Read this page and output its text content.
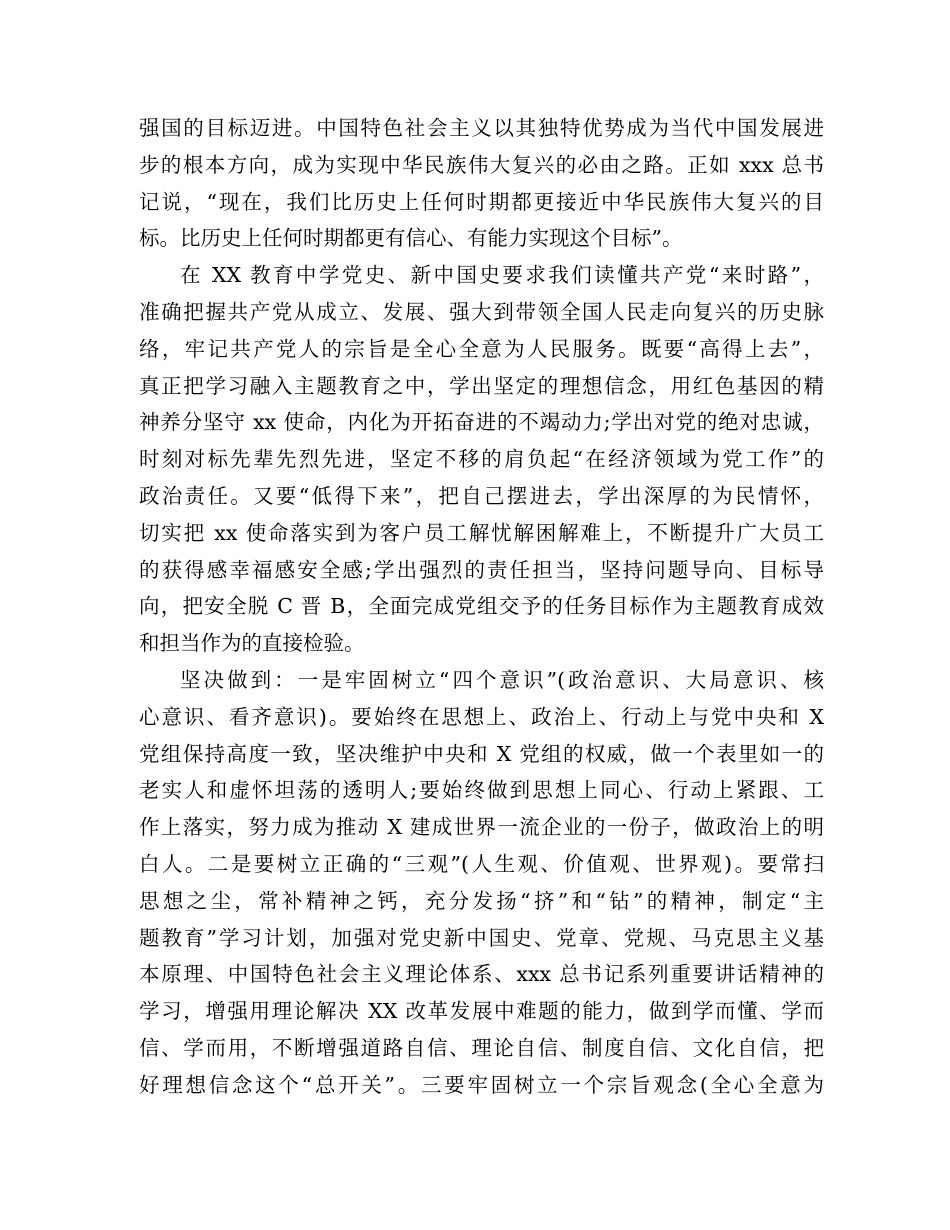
强国的目标迈进。中国特色社会主义以其独特优势成为当代中国发展进
步的根本方向，成为实现中华民族伟大复兴的必由之路。正如 xxx 总书
记说，“现在，我们比历史上任何时期都更接近中华民族伟大复兴的目
标。比历史上任何时期都更有信心、有能力实现这个目标”。
在 XX 教育中学党史、新中国史要求我们读懂共产党“来时路”，
准确把握共产党从成立、发展、强大到带领全国人民走向复兴的历史脉
络，牢记共产党人的宗旨是全心全意为人民服务。既要“高得上去”，
真正把学习融入主题教育之中，学出坚定的理想信念，用红色基因的精
神养分坚守 xx 使命，内化为开拓奋进的不竭动力;学出对党的绝对忠诚，
时刻对标先辈先烈先进，坚定不移的肩负起“在经济领域为党工作”的
政治责任。又要“低得下来”，把自己摆进去，学出深厚的为民情怀，
切实把 xx 使命落实到为客户员工解忧解困解难上，不断提升广大员工
的获得感幸福感安全感;学出强烈的责任担当，坚持问题导向、目标导
向，把安全脱 C 晋 B，全面完成党组交予的任务目标作为主题教育成效
和担当作为的直接检验。
坚决做到：一是牢固树立“四个意识”(政治意识、大局意识、核
心意识、看齐意识)。要始终在思想上、政治上、行动上与党中央和 X
党组保持高度一致，坚决维护中央和 X 党组的权威，做一个表里如一的
老实人和虚怀坦荡的透明人;要始终做到思想上同心、行动上紧跟、工
作上落实，努力成为推动 X 建成世界一流企业的一份子，做政治上的明
白人。二是要树立正确的“三观”(人生观、价值观、世界观)。要常扫
思想之尘，常补精神之钙，充分发扬“挤”和“钻”的精神，制定“主
题教育”学习计划，加强对党史新中国史、党章、党规、马克思主义基
本原理、中国特色社会主义理论体系、xxx 总书记系列重要讲话精神的
学习，增强用理论解决 XX 改革发展中难题的能力，做到学而懂、学而
信、学而用，不断增强道路自信、理论自信、制度自信、文化自信，把
好理想信念这个“总开关”。三要牢固树立一个宗旨观念(全心全意为
